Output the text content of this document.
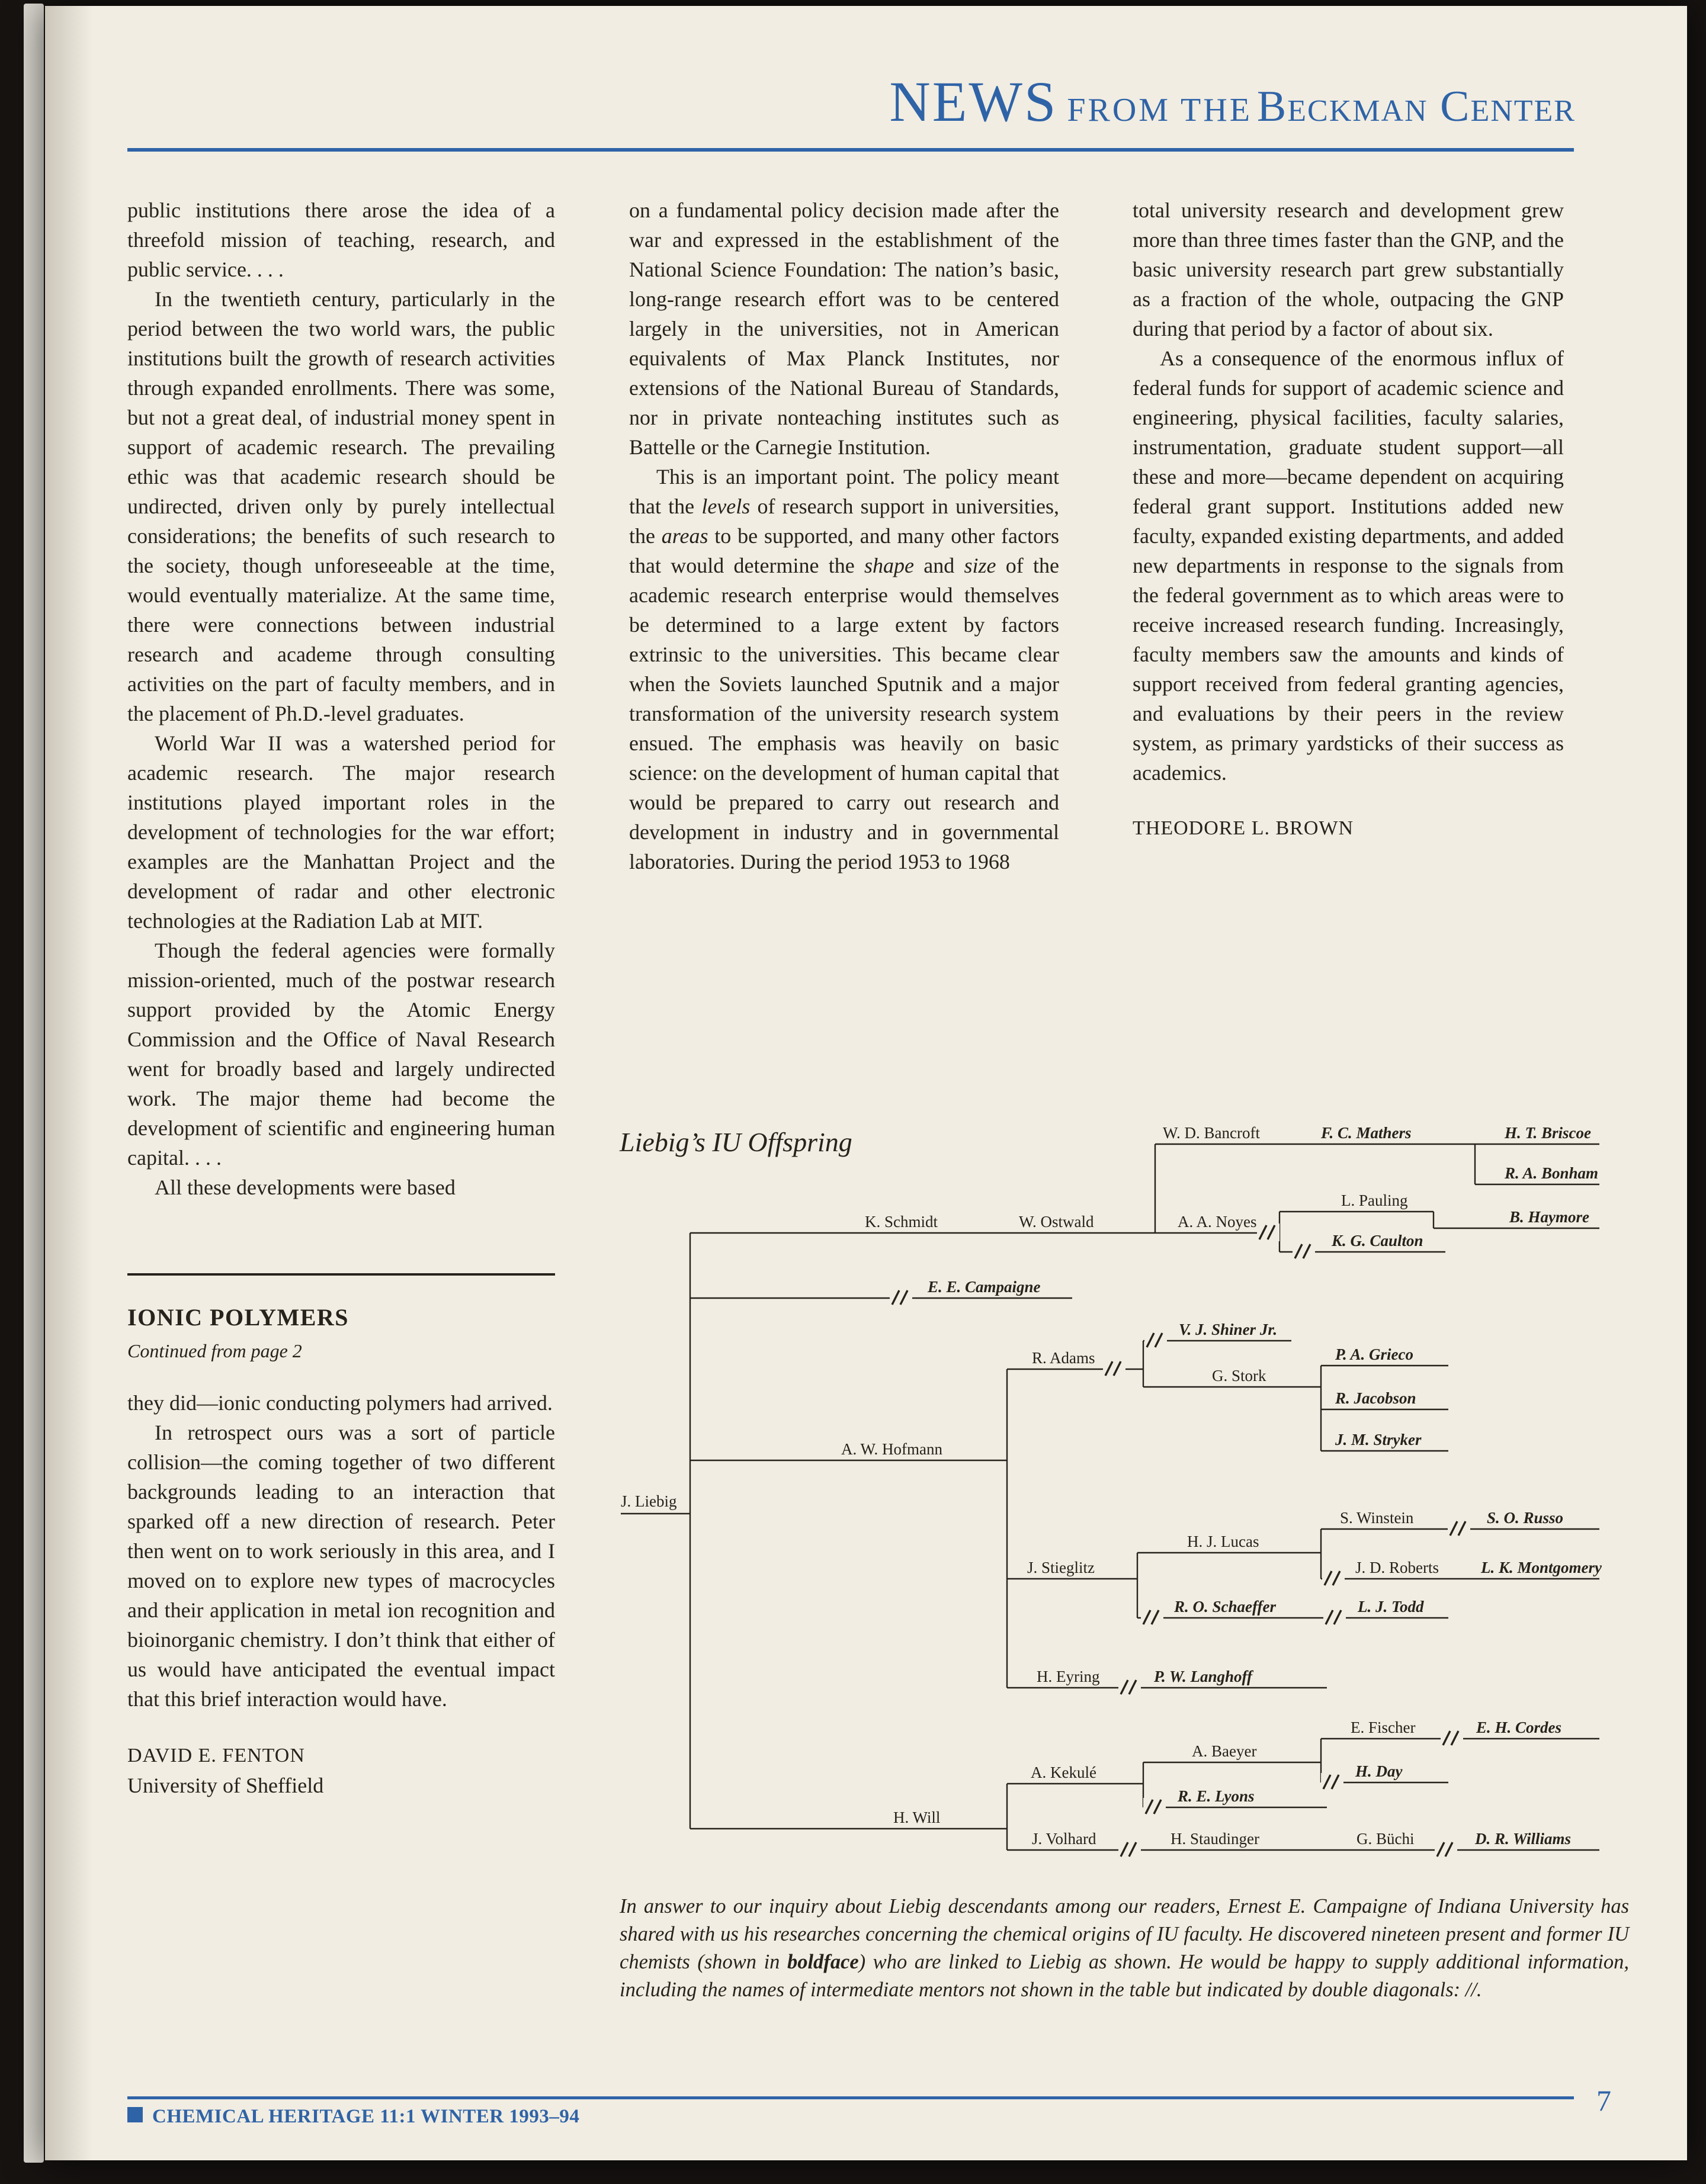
NEWS FROM THE Beckman Center

public institutions there arose the idea of a threefold mission of teaching, research, and public service. . . .

In the twentieth century, particularly in the period between the two world wars, the public institutions built the growth of research activities through expanded enrollments. There was some, but not a great deal, of industrial money spent in support of academic research. The prevailing ethic was that academic research should be undirected, driven only by purely intellectual considerations; the benefits of such research to the society, though unforeseeable at the time, would eventually materialize. At the same time, there were connections between industrial research and academe through consulting activities on the part of faculty members, and in the placement of Ph.D.-level graduates.

World War II was a watershed period for academic research. The major research institutions played important roles in the development of technologies for the war effort; examples are the Manhattan Project and the development of radar and other electronic technologies at the Radiation Lab at MIT.

Though the federal agencies were formally mission-oriented, much of the postwar research support provided by the Atomic Energy Commission and the Office of Naval Research went for broadly based and largely undirected work. The major theme had become the development of scientific and engineering human capital. . . .

All these developments were based

IONIC POLYMERS
Continued from page 2

they did—ionic conducting polymers had arrived.

In retrospect ours was a sort of particle collision—the coming together of two different backgrounds leading to an interaction that sparked off a new direction of research. Peter then went on to work seriously in this area, and I moved on to explore new types of macrocycles and their application in metal ion recognition and bioinorganic chemistry. I don’t think that either of us would have anticipated the eventual impact that this brief interaction would have.

DAVID E. FENTON
University of Sheffield

on a fundamental policy decision made after the war and expressed in the establishment of the National Science Foundation: The nation’s basic, long-range research effort was to be centered largely in the universities, not in American equivalents of Max Planck Institutes, nor extensions of the National Bureau of Standards, nor in private nonteaching institutes such as Battelle or the Carnegie Institution.

This is an important point. The policy meant that the levels of research support in universities, the areas to be supported, and many other factors that would determine the shape and size of the academic research enterprise would themselves be determined to a large extent by factors extrinsic to the universities. This became clear when the Soviets launched Sputnik and a major transformation of the university research system ensued. The emphasis was heavily on basic science: on the development of human capital that would be prepared to carry out research and development in industry and in governmental laboratories. During the period 1953 to 1968

total university research and development grew more than three times faster than the GNP, and the basic university research part grew substantially as a fraction of the whole, outpacing the GNP during that period by a factor of about six.

As a consequence of the enormous influx of federal funds for support of academic science and engineering, physical facilities, faculty salaries, instrumentation, graduate student support—all these and more—became dependent on acquiring federal grant support. Institutions added new faculty, expanded existing departments, and added new departments in response to the signals from the federal government as to which areas were to receive increased research funding. Increasingly, faculty members saw the amounts and kinds of support received from federal granting agencies, and evaluations by their peers in the review system, as primary yardsticks of their success as academics.

THEODORE L. BROWN
W. D. Bancroft	F. C. Mathers	H. T. Briscoe
R. A. Bonham
L. Pauling
B. Haymore
K. Schmidt	W. Ostwald	A. A. Noyes
K. G. Caulton
E. E. Campaigne
V. J. Shiner Jr.
R. Adams	P. A. Grieco
G. Stork
R. Jacobson
J. M. Stryker
A. W. Hofmann
J. Liebig
S. Winstein	S. O. Russo
H. J. Lucas
J. Stieglitz	J. D. Roberts	L. K. Montgomery
R. O. Schaeffer	L. J. Todd
H. Eyring	P. W. Langhoff
E. Fischer	E. H. Cordes
A. Baeyer
A. Kekulé	H. Day
R. E. Lyons
H. Will
J. Volhard	H. Staudinger	G. Büchi	D. R. Williams
Liebig’s IU Offspring

In answer to our inquiry about Liebig descendants among our readers, Ernest E. Campaigne of Indiana University has shared with us his researches concerning the chemical origins of IU faculty. He discovered nineteen present and former IU chemists (shown in boldface) who are linked to Liebig as shown. He would be happy to supply additional information, including the names of intermediate mentors not shown in the table but indicated by double diagonals: //.

CHEMICAL HERITAGE 11:1 WINTER 1993–94	7
